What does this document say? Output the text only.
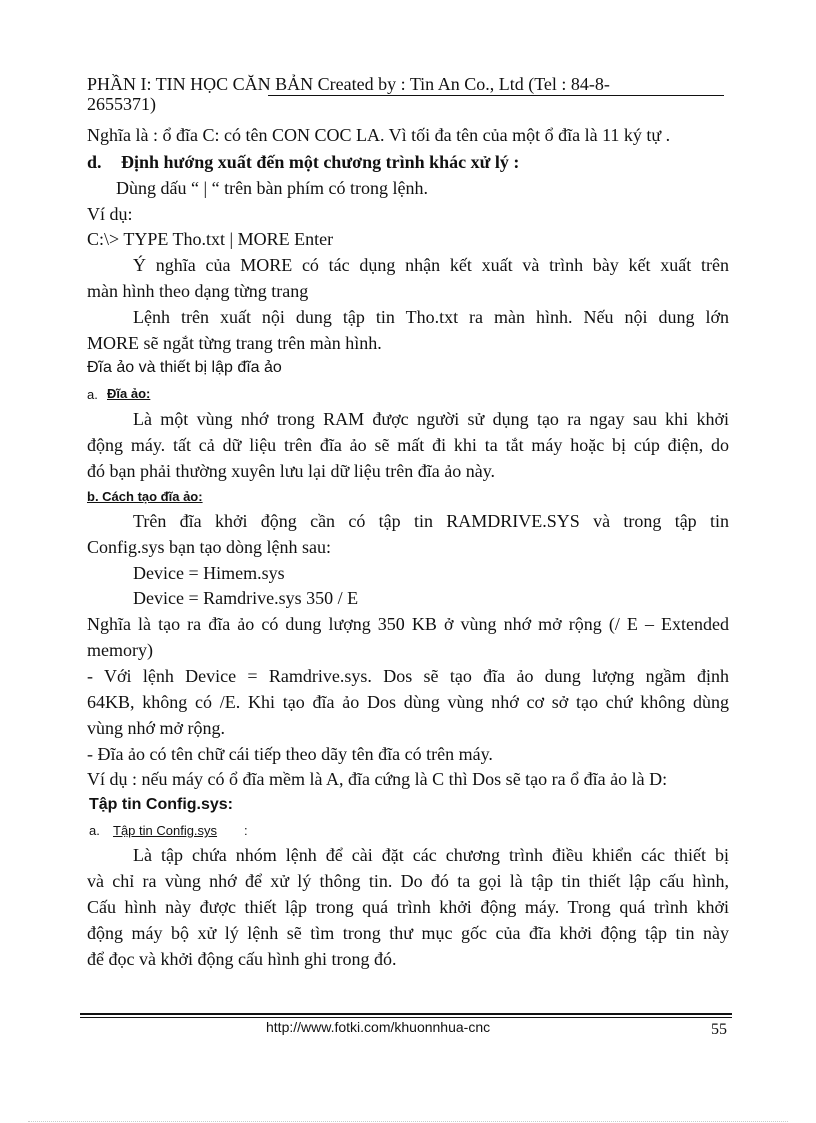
PHẦN I: TIN HỌC CĂN BẢN Created by : Tin An Co., Ltd (Tel : 84-8-
2655371)
Nghĩa là : ổ đĩa C: có tên CON COC LA. Vì tối đa tên của một ổ đĩa là 11 ký tự .
d. Định hướng xuất đến một chương trình khác xử lý :
Dùng dấu “ | “ trên bàn phím có trong lệnh.
Ví dụ:
C:\> TYPE Tho.txt | MORE Enter
Ý nghĩa của MORE có tác dụng nhận kết xuất và trình bày kết xuất trên
màn hình theo dạng từng trang
Lệnh trên xuất nội dung tập tin Tho.txt ra màn hình. Nếu nội dung lớn
MORE sẽ ngắt từng trang trên màn hình.
Đĩa ảo và thiết bị lập đĩa ảo
a. Đĩa ảo:
Là một vùng nhớ trong RAM được người sử dụng tạo ra ngay sau khi khởi
động máy. tất cả dữ liệu trên đĩa ảo sẽ mất đi khi ta tắt máy hoặc bị cúp điện, do
đó bạn phải thường xuyên lưu lại dữ liệu trên đĩa ảo này.
b. Cách tạo đĩa ảo:
Trên đĩa khởi động cần có tập tin RAMDRIVE.SYS và trong tập tin
Config.sys bạn tạo dòng lệnh sau:
Device = Himem.sys
Device = Ramdrive.sys 350 / E
Nghĩa là tạo ra đĩa ảo có dung lượng 350 KB ở vùng nhớ mở rộng (/ E – Extended
memory)
- Với lệnh Device = Ramdrive.sys. Dos sẽ tạo đĩa ảo dung lượng ngầm định
64KB, không có /E. Khi tạo đĩa ảo Dos dùng vùng nhớ cơ sở tạo chứ không dùng
vùng nhớ mở rộng.
- Đĩa ảo có tên chữ cái tiếp theo dãy tên đĩa có trên máy.
Ví dụ : nếu máy có ổ đĩa mềm là A, đĩa cứng là C thì Dos sẽ tạo ra ổ đĩa ảo là D:
Tập tin Config.sys:
a. Tập tin Config.sys :
Là tập chứa nhóm lệnh để cài đặt các chương trình điều khiển các thiết bị
và chỉ ra vùng nhớ để xử lý thông tin. Do đó ta gọi là tập tin thiết lập cấu hình,
Cấu hình này được thiết lập trong quá trình khởi động máy. Trong quá trình khởi
động máy bộ xử lý lệnh sẽ tìm trong thư mục gốc của đĩa khởi động tập tin này
để đọc và khởi động cấu hình ghi trong đó.
http://www.fotki.com/khuonnhua-cnc	55
